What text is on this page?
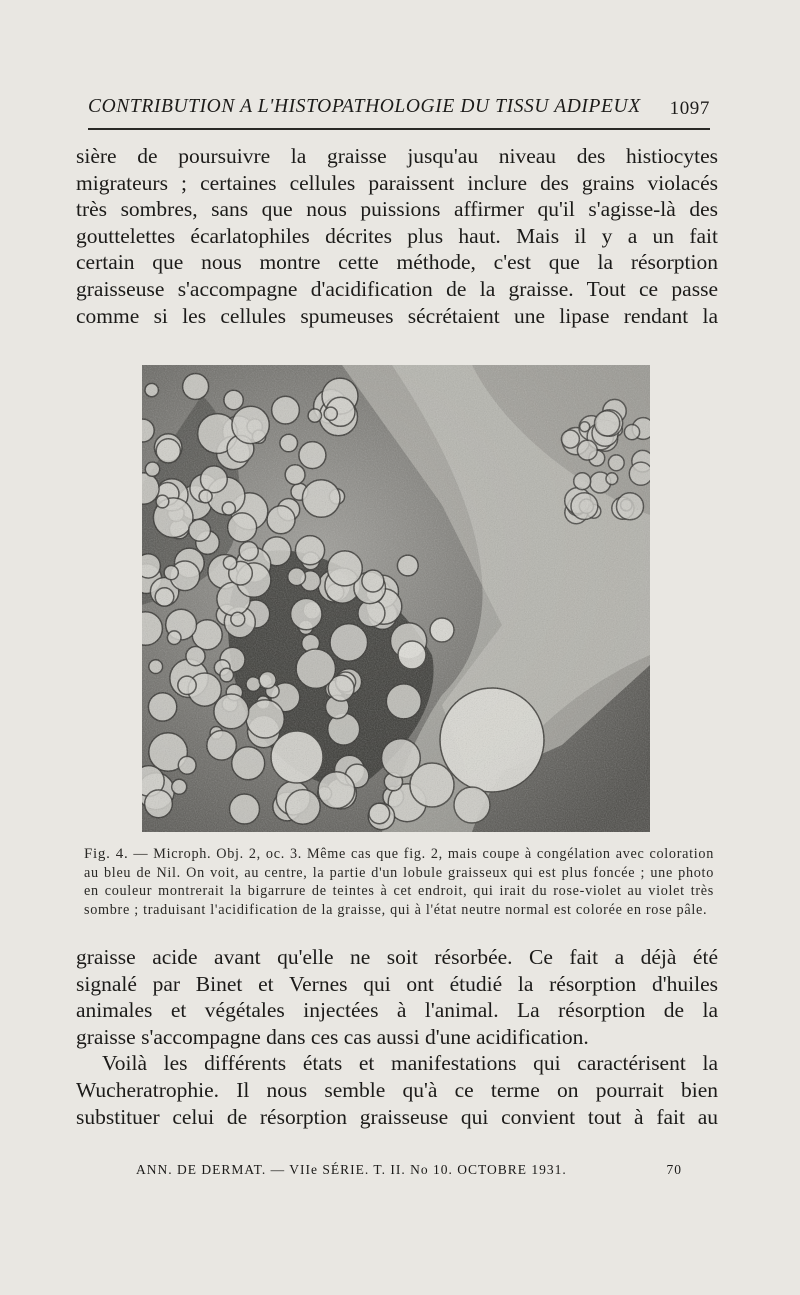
CONTRIBUTION A L'HISTOPATHOLOGIE DU TISSU ADIPEUX 1097
sière de poursuivre la graisse jusqu'au niveau des histiocytes
migrateurs ; certaines cellules paraissent inclure des grains violacés
très sombres, sans que nous puissions affirmer qu'il s'agisse-là des
gouttelettes écarlatophiles décrites plus haut. Mais il y a un fait
certain que nous montre cette méthode, c'est que la résorption
graisseuse s'accompagne d'acidification de la graisse. Tout ce passe
comme si les cellules spumeuses sécrétaient une lipase rendant la
Fig. 4. — Microph. Obj. 2, oc. 3. Même cas que fig. 2, mais coupe à congélation avec coloration au bleu de Nil. On voit, au centre, la partie d'un lobule graisseux qui est plus foncée ; une photo en couleur montrerait la bigarrure de teintes à cet endroit, qui irait du rose-violet au violet très sombre ; traduisant l'acidification de la graisse, qui à l'état neutre normal est colorée en rose pâle.
graisse acide avant qu'elle ne soit résorbée. Ce fait a déjà été
signalé par Binet et Vernes qui ont étudié la résorption d'huiles
animales et végétales injectées à l'animal. La résorption de la
graisse s'accompagne dans ces cas aussi d'une acidification.
Voilà les différents états et manifestations qui caractérisent la
Wucheratrophie. Il nous semble qu'à ce terme on pourrait bien
substituer celui de résorption graisseuse qui convient tout à fait au
ANN. DE DERMAT. — VIIe SÉRIE. T. II. No 10. OCTOBRE 1931.	70
